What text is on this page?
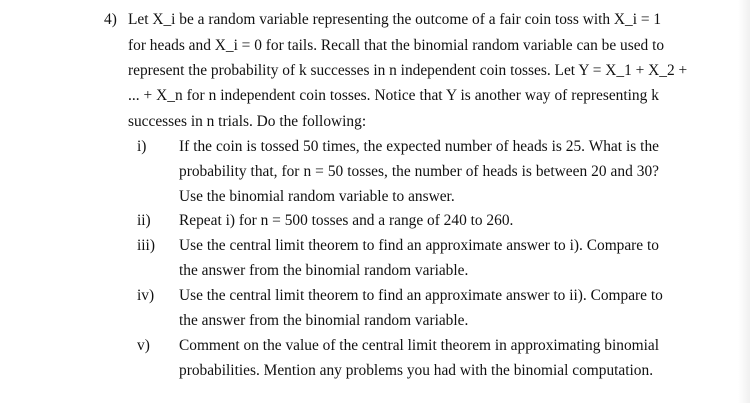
4) Let X_i be a random variable representing the outcome of a fair coin toss with X_i = 1
for heads and X_i = 0 for tails. Recall that the binomial random variable can be used to
represent the probability of k successes in n independent coin tosses. Let Y = X_1 + X_2 +
... + X_n for n independent coin tosses. Notice that Y is another way of representing k
successes in n trials. Do the following:
i) If the coin is tossed 50 times, the expected number of heads is 25. What is the
probability that, for n = 50 tosses, the number of heads is between 20 and 30?
Use the binomial random variable to answer.
ii) Repeat i) for n = 500 tosses and a range of 240 to 260.
iii) Use the central limit theorem to find an approximate answer to i). Compare to
the answer from the binomial random variable.
iv) Use the central limit theorem to find an approximate answer to ii). Compare to
the answer from the binomial random variable.
v) Comment on the value of the central limit theorem in approximating binomial
probabilities. Mention any problems you had with the binomial computation.
